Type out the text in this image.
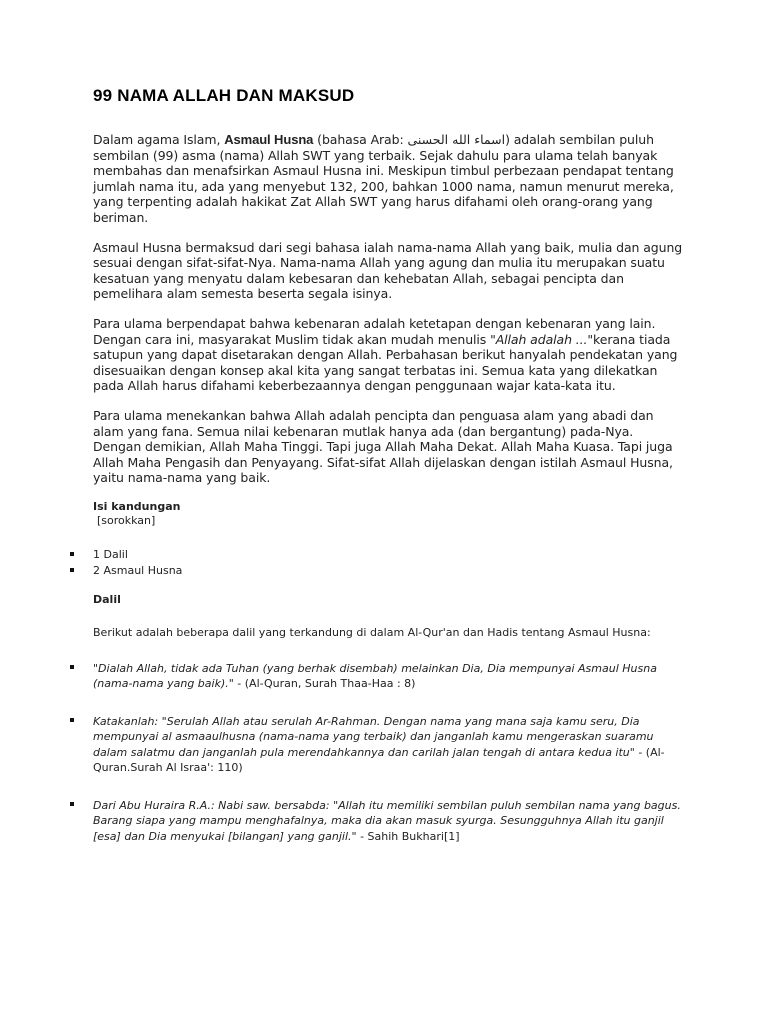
99 NAMA ALLAH DAN MAKSUD

Dalam agama Islam, Asmaul Husna (bahasa Arab: اسماء الله الحسنى) adalah sembilan puluh sembilan (99) asma (nama) Allah SWT yang terbaik. Sejak dahulu para ulama telah banyak membahas dan menafsirkan Asmaul Husna ini. Meskipun timbul perbezaan pendapat tentang jumlah nama itu, ada yang menyebut 132, 200, bahkan 1000 nama, namun menurut mereka, yang terpenting adalah hakikat Zat Allah SWT yang harus difahami oleh orang-orang yang beriman.

Asmaul Husna bermaksud dari segi bahasa ialah nama-nama Allah yang baik, mulia dan agung sesuai dengan sifat-sifat-Nya. Nama-nama Allah yang agung dan mulia itu merupakan suatu kesatuan yang menyatu dalam kebesaran dan kehebatan Allah, sebagai pencipta dan pemelihara alam semesta beserta segala isinya.

Para ulama berpendapat bahwa kebenaran adalah ketetapan dengan kebenaran yang lain. Dengan cara ini, masyarakat Muslim tidak akan mudah menulis "Allah adalah ..."kerana tiada satupun yang dapat disetarakan dengan Allah. Perbahasan berikut hanyalah pendekatan yang disesuaikan dengan konsep akal kita yang sangat terbatas ini. Semua kata yang dilekatkan pada Allah harus difahami keberbezaannya dengan penggunaan wajar kata-kata itu.

Para ulama menekankan bahwa Allah adalah pencipta dan penguasa alam yang abadi dan alam yang fana. Semua nilai kebenaran mutlak hanya ada (dan bergantung) pada-Nya. Dengan demikian, Allah Maha Tinggi. Tapi juga Allah Maha Dekat. Allah Maha Kuasa. Tapi juga Allah Maha Pengasih dan Penyayang. Sifat-sifat Allah dijelaskan dengan istilah Asmaul Husna, yaitu nama-nama yang baik.

Isi kandungan
[sorokkan]
1 Dalil
2 Asmaul Husna
Dalil
Berikut adalah beberapa dalil yang terkandung di dalam Al-Qur'an dan Hadis tentang Asmaul Husna:
"Dialah Allah, tidak ada Tuhan (yang berhak disembah) melainkan Dia, Dia mempunyai Asmaul Husna (nama-nama yang baik)." - (Al-Quran, Surah Thaa-Haa : 8)
Katakanlah: "Serulah Allah atau serulah Ar-Rahman. Dengan nama yang mana saja kamu seru, Dia mempunyai al asmaaulhusna (nama-nama yang terbaik) dan janganlah kamu mengeraskan suaramu dalam salatmu dan janganlah pula merendahkannya dan carilah jalan tengah di antara kedua itu" - (Al-Quran.Surah Al Israa': 110)
Dari Abu Huraira R.A.: Nabi saw. bersabda: "Allah itu memiliki sembilan puluh sembilan nama yang bagus. Barang siapa yang mampu menghafalnya, maka dia akan masuk syurga. Sesungguhnya Allah itu ganjil [esa] dan Dia menyukai [bilangan] yang ganjil." - Sahih Bukhari[1]
